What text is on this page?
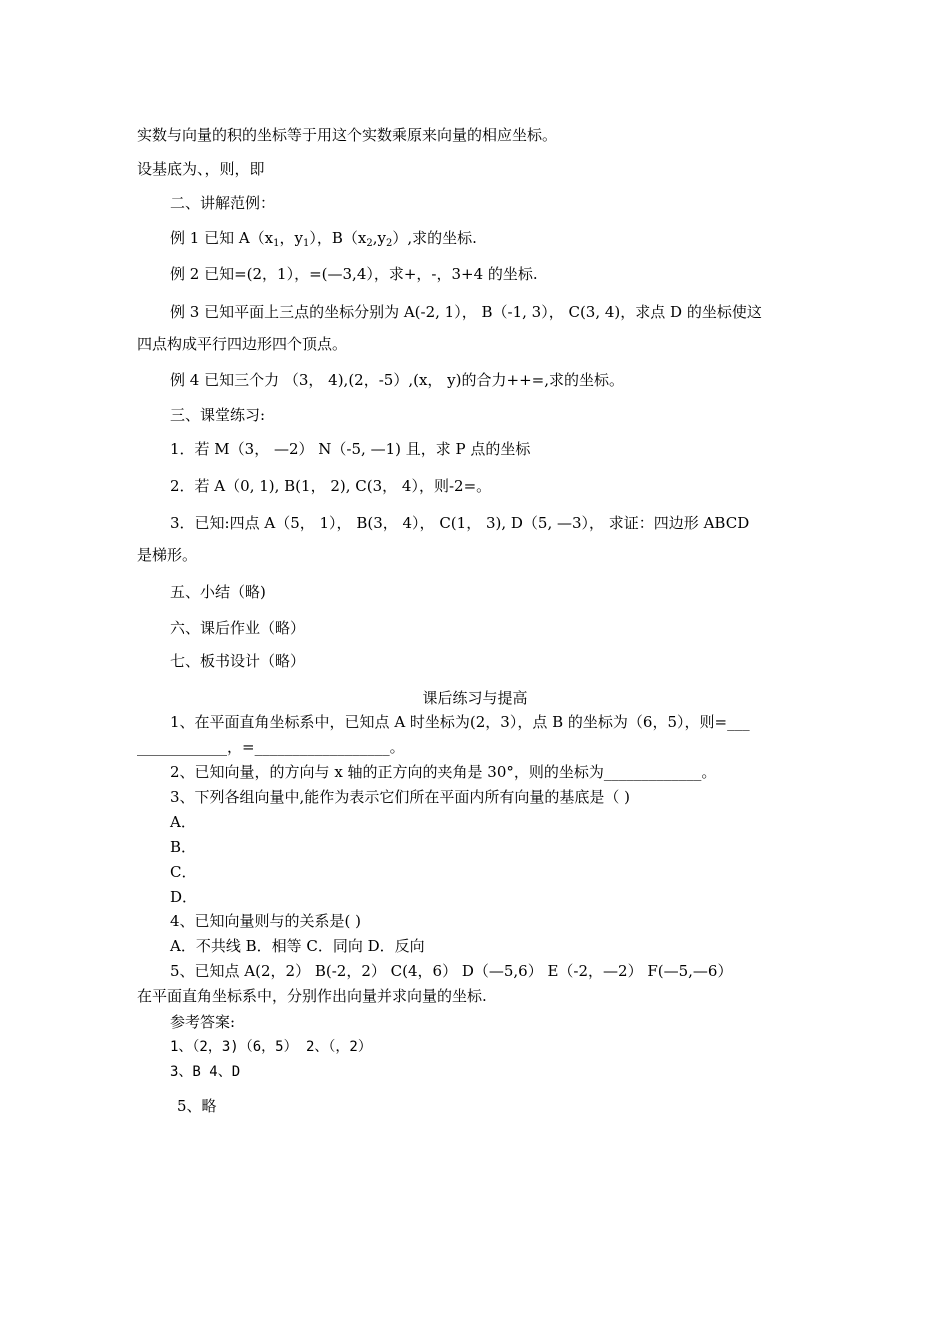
实数与向量的积的坐标等于用这个实数乘原来向量的相应坐标。
设基底为、，则，即
二、讲解范例：
例 1 已知 $A(x_1$，$y_1$），$B(x_2,y_2)$,求的坐标.
例 2 已知=(2，1），=(—3,4），求+，-，3+4 的坐标.
例 3 已知平面上三点的坐标分别为 A(-2, 1）， B（-1, 3）， C(3, 4)，求点 D 的坐标使这
四点构成平行四边形四个顶点。
例 4 已知三个力 （3， 4),(2，-5）,(x， y)的合力++=,求的坐标。
三、课堂练习:
1．若 M（3， —2） N（-5, —1) 且，求 P 点的坐标
2．若 A（0, 1), B(1， 2), C(3， 4），则-2=。
3．已知:四点 A（5， 1）， B(3， 4）， C(1， 3), D（5, —3）， 求证：四边形 ABCD
是梯形。
五、小结（略)
六、课后作业（略）
七、板书设计（略）
课后练习与提高
1、在平面直角坐标系中，已知点 A 时坐标为(2，3），点 B 的坐标为（6，5），则=___
____________，=__________________。
2、已知向量，的方向与 x 轴的正方向的夹角是 30°，则的坐标为_____________。
3、下列各组向量中,能作为表示它们所在平面内所有向量的基底是（ )
A．
B．
C．
D．
4、已知向量则与的关系是( )
A．不共线 B．相等 C．同向 D．反向
5、已知点 A(2，2） B(-2，2） C(4，6） D（—5,6） E（-2，—2） F(—5,—6）
在平面直角坐标系中，分别作出向量并求向量的坐标.
参考答案:
1、（2，3)（6，5） 2、（，2）
3、B 4、D
5、略
